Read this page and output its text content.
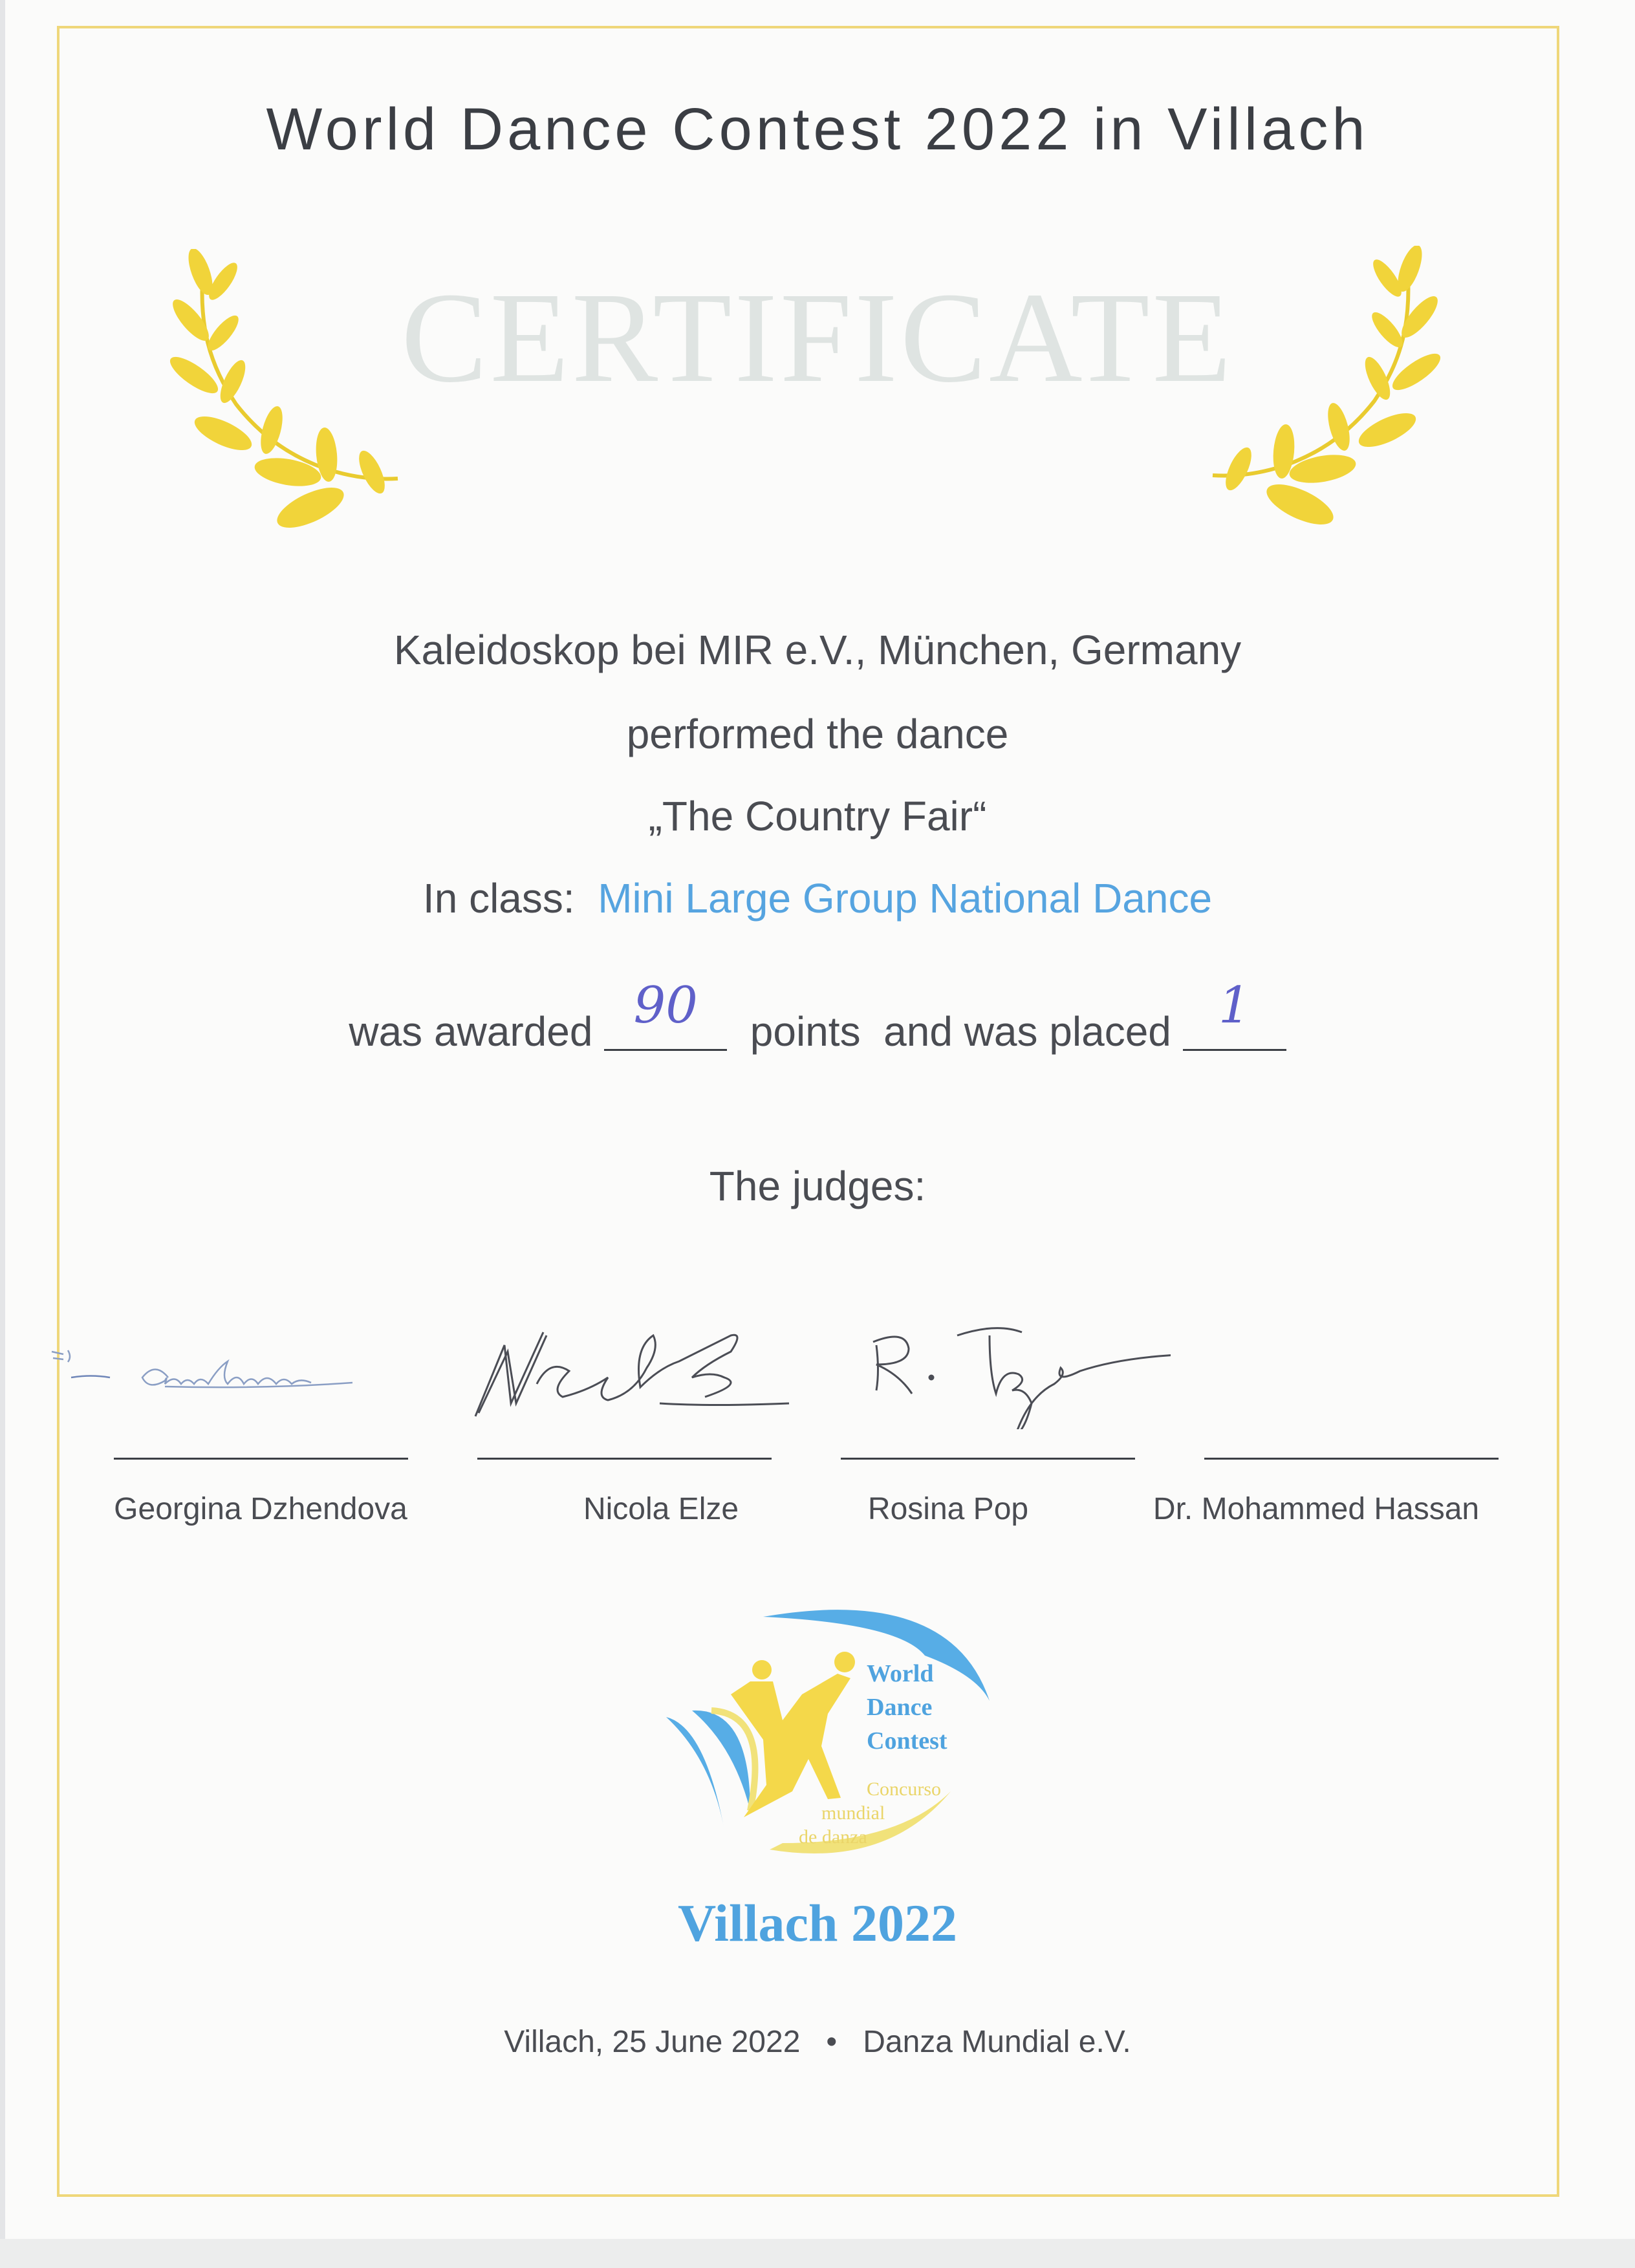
World Dance Contest 2022 in Villach
CERTIFICATE
Kaleidoskop bei MIR e.V., München, Germany
performed the dance
„The Country Fair“
In class: Mini Large Group National Dance
was awarded 90	points and was placed 1
The judges:
Georgina Dzhendova	Nicola Elze	Rosina Pop	Dr. Mohammed Hassan
World
Dance
Contest
Concurso
mundial
de danza
Villach 2022
Villach, 25 June 2022 • Danza Mundial e.V.
